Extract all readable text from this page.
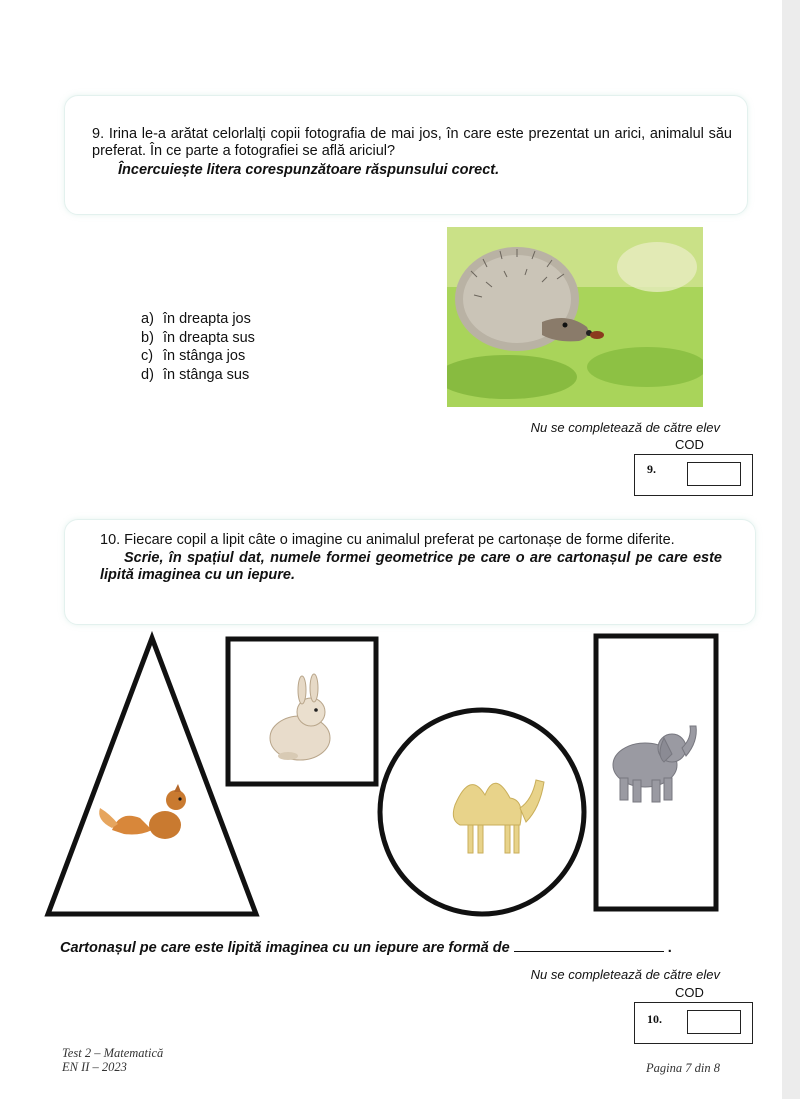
9. Irina le-a arătat celorlalți copii fotografia de mai jos, în care este prezentat un arici, animalul său preferat. În ce parte a fotografiei se află ariciul?
Încercuiește litera corespunzătoare răspunsului corect.
a) în dreapta jos
b) în dreapta sus
c) în stânga jos
d) în stânga sus
Nu se completează de către elev
COD
9.
10. Fiecare copil a lipit câte o imagine cu animalul preferat pe cartonașe de forme diferite.
Scrie, în spațiul dat, numele formei geometrice pe care o are cartonașul pe care este lipită imaginea cu un iepure.
Cartonașul pe care este lipită imaginea cu un iepure are formă de	.
Nu se completează de către elev
COD
10.
Test 2 – Matematică
EN II – 2023	Pagina 7 din 8
